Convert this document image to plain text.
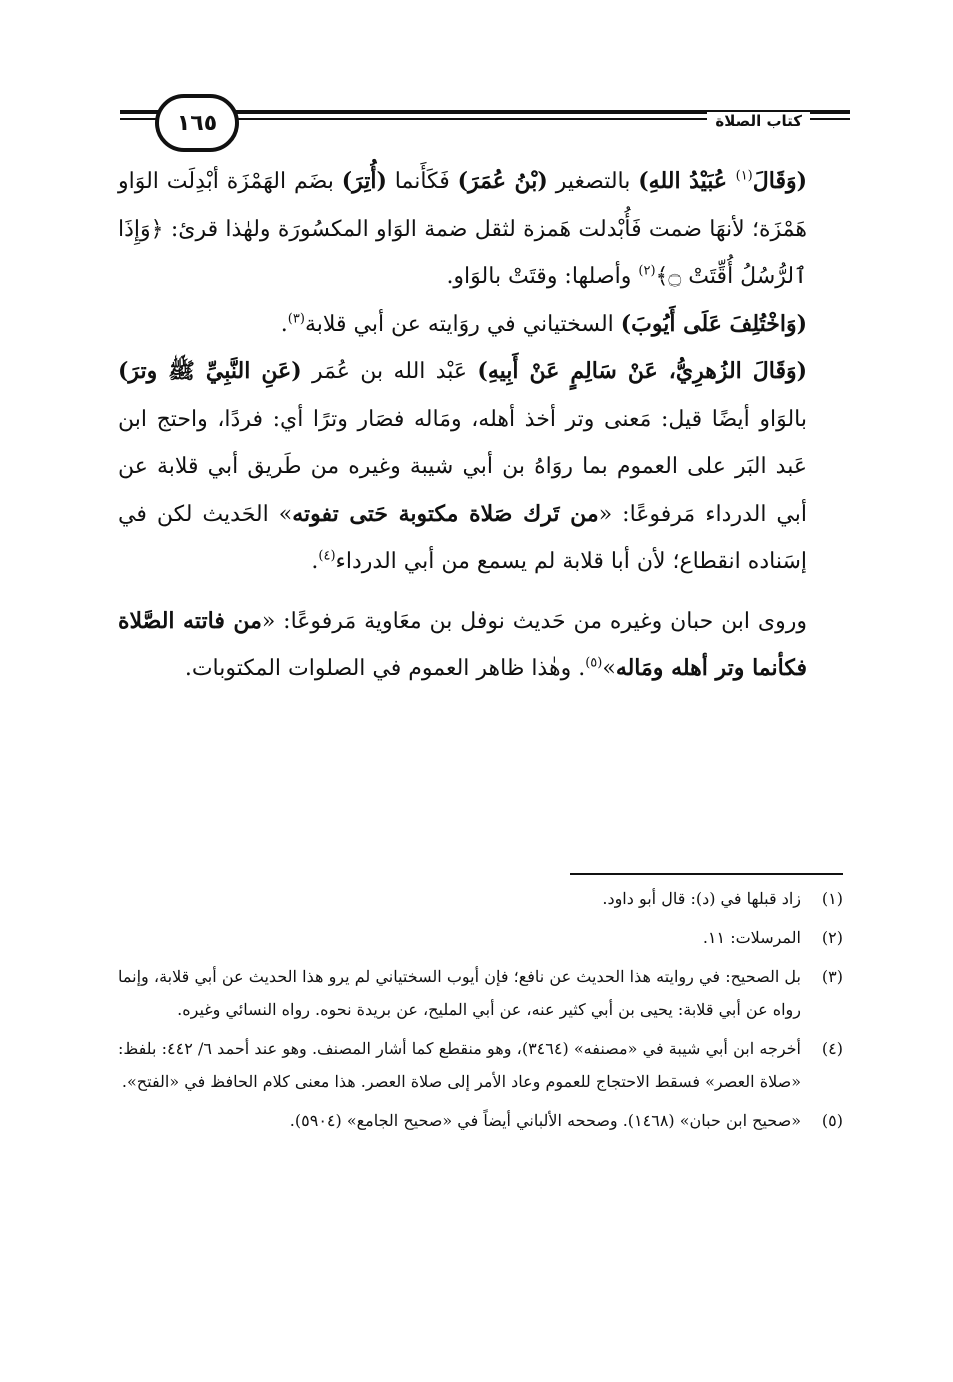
كتاب الصلاة
١٦٥

(وَقَالَ$^{(١)}$ عُبَيْدُ اللهِ) بالتصغير (بْنُ عُمَرَ) فَكَأَنما (أُتِرَ) بضَم الهَمْزَة أبْدِلَت الوَاو هَمْزَة؛ لأنهَا ضمت فَأُبْدلت هَمزة لثقل ضمة الوَاو المكسُورَة ولهٰذا قرئ: ﴿وَإِذَا ٱلرُّسُلُ أُقِّتَتْ ۝﴾$^{(٢)}$ وأصلها: وقتَتْ بالوَاو.

(وَاخْتُلِفَ عَلَى أَيُوبَ) السختياني في روَايته عن أبي قلابة$^{(٣)}$.

(وَقَالَ الزُهرِيُّ، عَنْ سَالِمٍ عَنْ أَبِيهِ) عَبْد الله بن عُمَر (عَنِ النَّبِيِّ ﷺ وترَ) بالوَاو أيضًا قيل: مَعنى وتر أخذ أهله، ومَاله فصَار وترًا أي: فردًا، واحتج ابن عَبد البَر على العموم بما روَاهُ بن أبي شيبة وغيره من طَريق أبي قلابة عن أبي الدرداء مَرفوعًا: «من تَرك صَلاة مكتوبة حَتى تفوته» الحَديث لكن في إسَناده انقطاع؛ لأن أبا قلابة لم يسمع من أبي الدرداء$^{(٤)}$.

وروى ابن حبان وغيره من حَديث نوفل بن معَاوية مَرفوعًا: «من فاتته الصَّلاة فكأنما وتر أهله ومَاله»$^{(٥)}$. وهٰذا ظاهر العموم في الصلوات المكتوبات.

(١)
زاد قبلها في (د): قال أبو داود.
(٢)
المرسلات: ١١.
(٣)
بل الصحيح: في روايته هذا الحديث عن نافع؛ فإن أيوب السختياني لم يرو هذا الحديث عن أبي قلابة، وإنما رواه عن أبي قلابة: يحيى بن أبي كثير عنه، عن أبي المليح، عن بريدة نحوه. رواه النسائي وغيره.
(٤)
أخرجه ابن أبي شيبة في «مصنفه» (٣٤٦٤)، وهو منقطع كما أشار المصنف. وهو عند أحمد ٦/ ٤٤٢: بلفظ: «صلاة العصر» فسقط الاحتجاج للعموم وعاد الأمر إلى صلاة العصر. هذا معنى كلام الحافظ في «الفتح».
(٥)
«صحيح ابن حبان» (١٤٦٨). وصححه الألباني أيضاً في «صحيح الجامع» (٥٩٠٤).
